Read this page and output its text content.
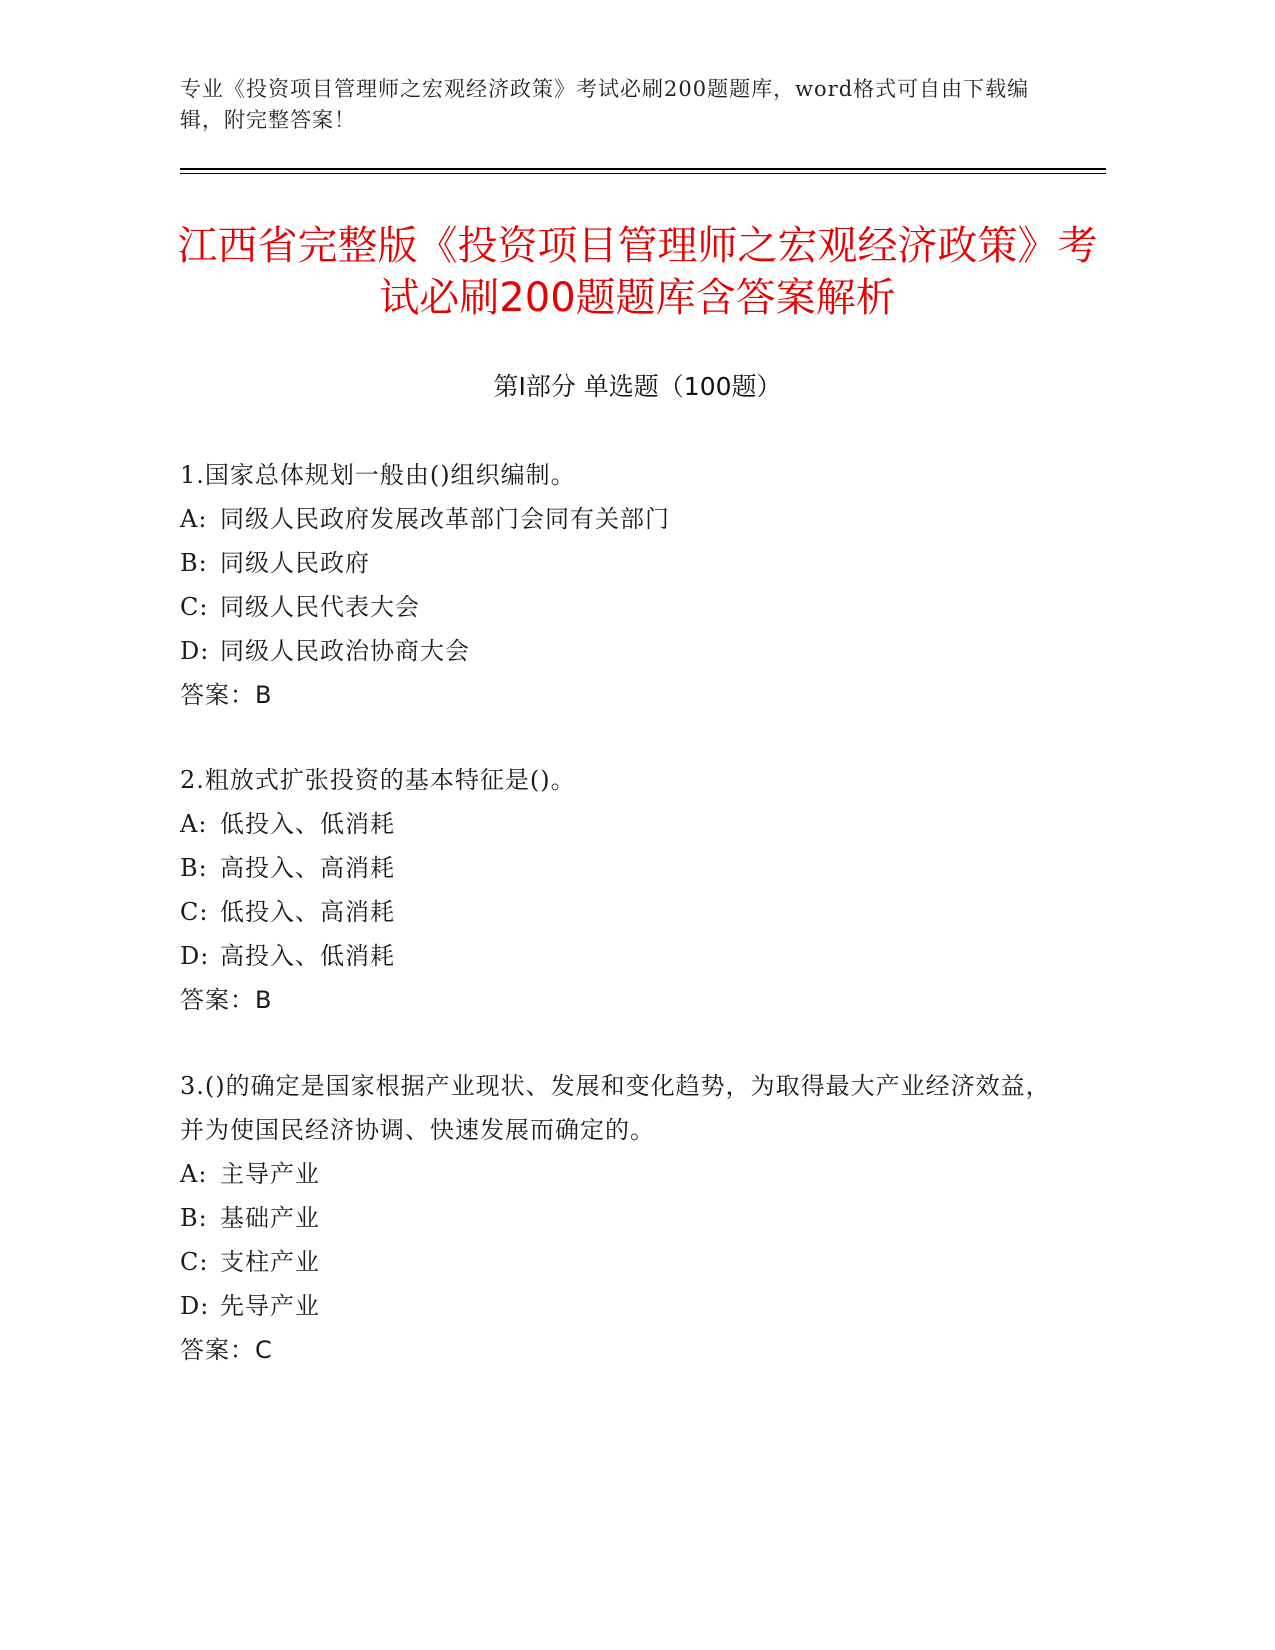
专业《投资项目管理师之宏观经济政策》考试必刷200题题库，word格式可自由下载编辑，附完整答案！
江西省完整版《投资项目管理师之宏观经济政策》考试必刷200题题库含答案解析
第Ⅰ部分 单选题（100题）
1.国家总体规划一般由()组织编制。
A: 同级人民政府发展改革部门会同有关部门
B: 同级人民政府
C: 同级人民代表大会
D: 同级人民政治协商大会
答案：B
2.粗放式扩张投资的基本特征是()。
A: 低投入、低消耗
B: 高投入、高消耗
C: 低投入、高消耗
D: 高投入、低消耗
答案：B
3.()的确定是国家根据产业现状、发展和变化趋势，为取得最大产业经济效益，并为使国民经济协调、快速发展而确定的。
A: 主导产业
B: 基础产业
C: 支柱产业
D: 先导产业
答案：C
